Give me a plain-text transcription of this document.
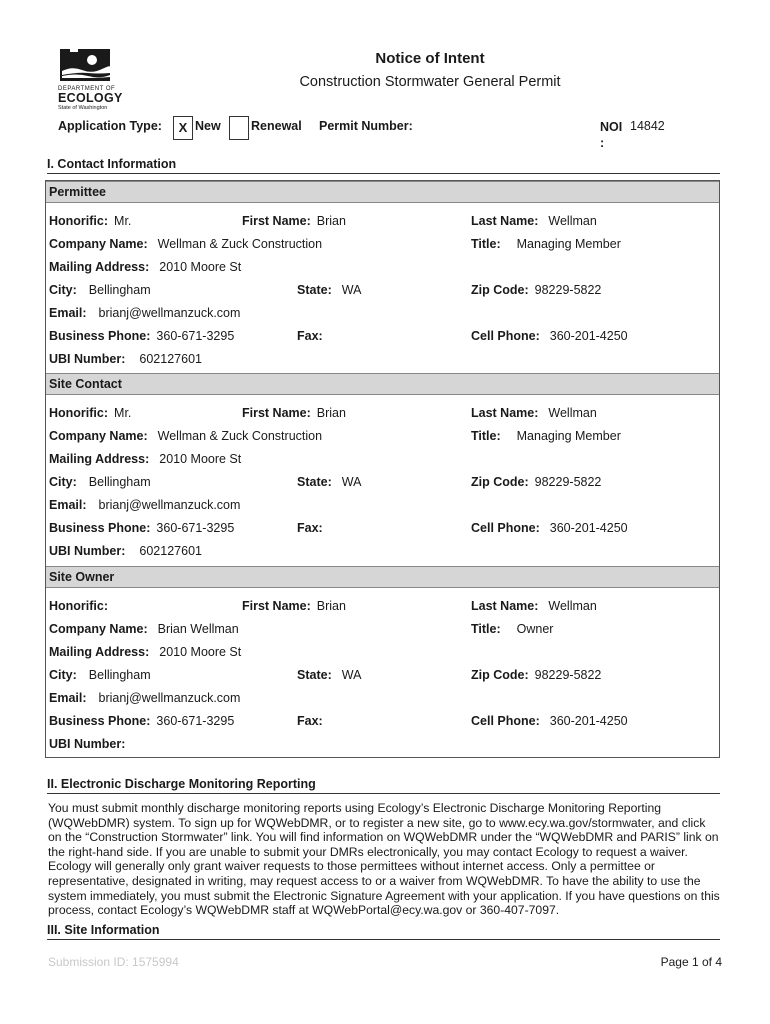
DEPARTMENT OF
ECOLOGY
State of Washington
Notice of Intent
Construction Stormwater General Permit
Application Type:	X New Renewal Permit Number:	NOI :14842
I. Contact Information
Permittee
Honorific: Mr.	First Name: Brian	Last Name: Wellman
Company Name: Wellman & Zuck Construction	Title: Managing Member
Mailing Address: 2010 Moore St
City: Bellingham	State: WA	Zip Code: 98229-5822
Email: brianj@wellmanzuck.com
Business Phone: 360-671-3295	Fax:	Cell Phone: 360-201-4250
UBI Number: 602127601
Site Contact
Honorific: Mr.	First Name: Brian	Last Name: Wellman
Company Name: Wellman & Zuck Construction	Title: Managing Member
Mailing Address: 2010 Moore St
City: Bellingham	State: WA	Zip Code: 98229-5822
Email: brianj@wellmanzuck.com
Business Phone: 360-671-3295	Fax:	Cell Phone: 360-201-4250
UBI Number: 602127601
Site Owner
Honorific:	First Name: Brian	Last Name: Wellman
Company Name: Brian Wellman	Title: Owner
Mailing Address: 2010 Moore St
City: Bellingham	State: WA	Zip Code: 98229-5822
Email: brianj@wellmanzuck.com
Business Phone: 360-671-3295	Fax:	Cell Phone: 360-201-4250
UBI Number:
II. Electronic Discharge Monitoring Reporting
You must submit monthly discharge monitoring reports using Ecology’s Electronic Discharge Monitoring Reporting (WQWebDMR) system. To sign up for WQWebDMR, or to register a new site, go to www.ecy.wa.gov/stormwater, and click on the “Construction Stormwater” link. You will find information on WQWebDMR under the “WQWebDMR and PARIS” link on the right-hand side. If you are unable to submit your DMRs electronically, you may contact Ecology to request a waiver. Ecology will generally only grant waiver requests to those permittees without internet access. Only a permittee or representative, designated in writing, may request access to or a waiver from WQWebDMR. To have the ability to use the system immediately, you must submit the Electronic Signature Agreement with your application. If you have questions on this process, contact Ecology’s WQWebDMR staff at WQWebPortal@ecy.wa.gov or 360-407-7097.
III. Site Information
Submission ID: 1575994	Page 1 of 4
